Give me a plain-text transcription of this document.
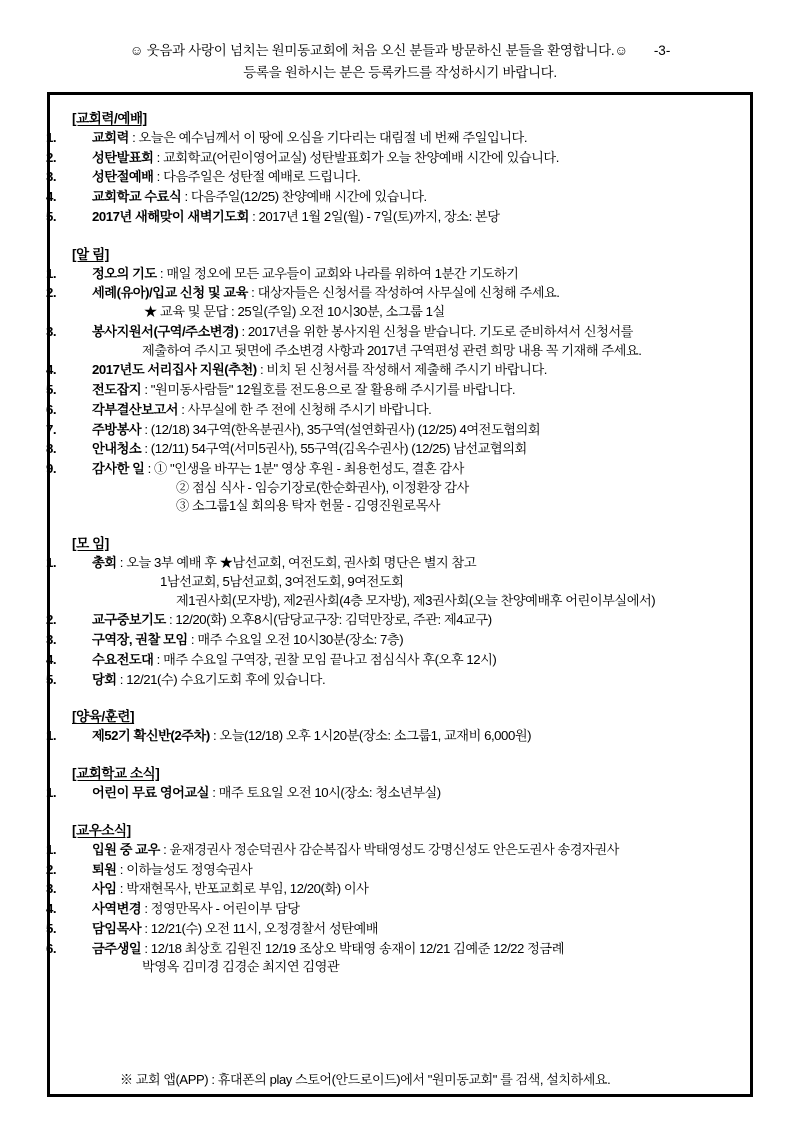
☺ 웃음과 사랑이 넘치는 원미동교회에 처음 오신 분들과 방문하신 분들을 환영합니다.☺ -3-
등록을 원하시는 분은 등록카드를 작성하시기 바랍니다.
[교회력/예배]
1.	교회력 : 오늘은 예수님께서 이 땅에 오심을 기다리는 대림절 네 번째 주일입니다.
2.	성탄발표회 : 교회학교(어린이영어교실) 성탄발표회가 오늘 찬양예배 시간에 있습니다.
3.	성탄절예배 : 다음주일은 성탄절 예배로 드립니다.
4.	교회학교 수료식 : 다음주일(12/25) 찬양예배 시간에 있습니다.
5.	2017년 새해맞이 새벽기도회 : 2017년 1월 2일(월) - 7일(토)까지, 장소: 본당
[알 림]
1.	정오의 기도 : 매일 정오에 모든 교우들이 교회와 나라를 위하여 1분간 기도하기
2.	세례(유아)/입교 신청 및 교육 : 대상자들은 신청서를 작성하여 사무실에 신청해 주세요.
★ 교육 및 문답 : 25일(주일) 오전 10시30분, 소그룹 1실
3.	봉사지원서(구역/주소변경) : 2017년을 위한 봉사지원 신청을 받습니다. 기도로 준비하셔서 신청서를
제출하여 주시고 뒷면에 주소변경 사항과 2017년 구역편성 관련 희망 내용 꼭 기재해 주세요.
4.	2017년도 서리집사 지원(추천) : 비치 된 신청서를 작성해서 제출해 주시기 바랍니다.
5.	전도잡지 : "원미동사람들" 12월호를 전도용으로 잘 활용해 주시기를 바랍니다.
6.	각부결산보고서 : 사무실에 한 주 전에 신청해 주시기 바랍니다.
7.	주방봉사 : (12/18) 34구역(한옥분권사), 35구역(설연화권사) (12/25) 4여전도협의회
8.	안내청소 : (12/11) 54구역(서미5권사), 55구역(김옥수권사) (12/25) 남선교협의회
9.	감사한 일 : ① "인생을 바꾸는 1분" 영상 후원 - 최용헌성도, 결혼 감사
② 점심 식사 - 임승기장로(한순화권사), 이정환장 감사
③ 소그룹1실 회의용 탁자 헌물 - 김영진원로목사
[모 임]
1.	총회 : 오늘 3부 예배 후 ★남선교회, 여전도회, 권사회 명단은 별지 참고
1남선교회, 5남선교회, 3여전도회, 9여전도회
제1권사회(모자방), 제2권사회(4층 모자방), 제3권사회(오늘 찬양예배후 어린이부실에서)
2.	교구중보기도 : 12/20(화) 오후8시(담당교구장: 김덕만장로, 주관: 제4교구)
3.	구역장, 권찰 모임 : 매주 수요일 오전 10시30분(장소: 7층)
4.	수요전도대 : 매주 수요일 구역장, 권찰 모임 끝나고 점심식사 후(오후 12시)
5.	당회 : 12/21(수) 수요기도회 후에 있습니다.
[양육/훈련]
1.	제52기 확신반(2주차) : 오늘(12/18) 오후 1시20분(장소: 소그룹1, 교재비 6,000원)
[교회학교 소식]
1.	어린이 무료 영어교실 : 매주 토요일 오전 10시(장소: 청소년부실)
[교우소식]
1.	입원 중 교우 : 윤재경권사 정순덕권사 감순복집사 박태영성도 강명신성도 안은도권사 송경자권사
2.	퇴원 : 이하늘성도 정영숙권사
3.	사임 : 박재현목사, 반포교회로 부임, 12/20(화) 이사
4.	사역변경 : 정영만목사 - 어린이부 담당
5.	담임목사 : 12/21(수) 오전 11시, 오정경찰서 성탄예배
6.	금주생일 : 12/18 최상호 김원진 12/19 조상오 박태영 송재이 12/21 김예준 12/22 정금례
박영옥 김미경 김경순 최지연 김영관
※ 교회 앱(APP) : 휴대폰의 play 스토어(안드로이드)에서 "원미동교회" 를 검색, 설치하세요.
